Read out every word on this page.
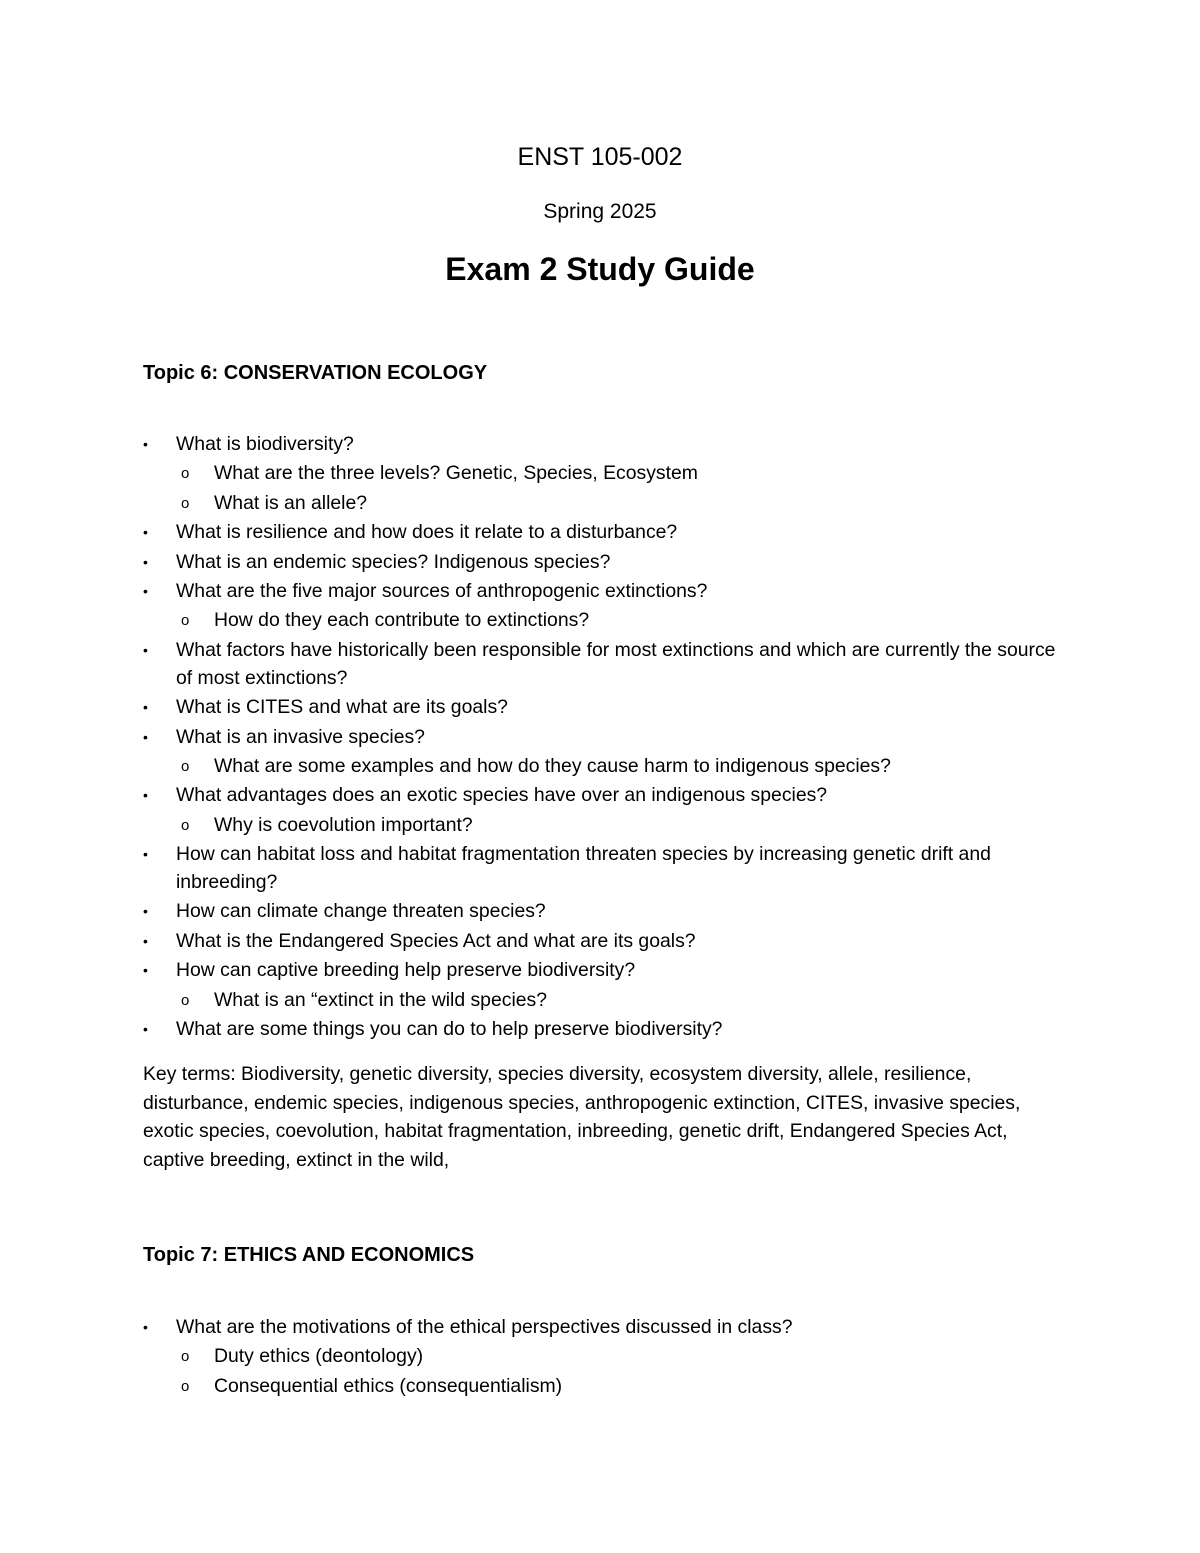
ENST 105-002
Spring 2025
Exam 2 Study Guide
Topic 6: CONSERVATION ECOLOGY
•	What is biodiversity?
o	What are the three levels? Genetic, Species, Ecosystem
o	What is an allele?
•	What is resilience and how does it relate to a disturbance?
•	What is an endemic species? Indigenous species?
•	What are the five major sources of anthropogenic extinctions?
o	How do they each contribute to extinctions?
•	What factors have historically been responsible for most extinctions and which are currently the source of most extinctions?
•	What is CITES and what are its goals?
•	What is an invasive species?
o	What are some examples and how do they cause harm to indigenous species?
•	What advantages does an exotic species have over an indigenous species?
o	Why is coevolution important?
•	How can habitat loss and habitat fragmentation threaten species by increasing genetic drift and inbreeding?
•	How can climate change threaten species?
•	What is the Endangered Species Act and what are its goals?
•	How can captive breeding help preserve biodiversity?
o	What is an “extinct in the wild species?
•	What are some things you can do to help preserve biodiversity?

Key terms: Biodiversity, genetic diversity, species diversity, ecosystem diversity, allele, resilience, disturbance, endemic species, indigenous species, anthropogenic extinction, CITES, invasive species, exotic species, coevolution, habitat fragmentation, inbreeding, genetic drift, Endangered Species Act, captive breeding, extinct in the wild,

Topic 7: ETHICS AND ECONOMICS
•	What are the motivations of the ethical perspectives discussed in class?
o	Duty ethics (deontology)
o	Consequential ethics (consequentialism)
